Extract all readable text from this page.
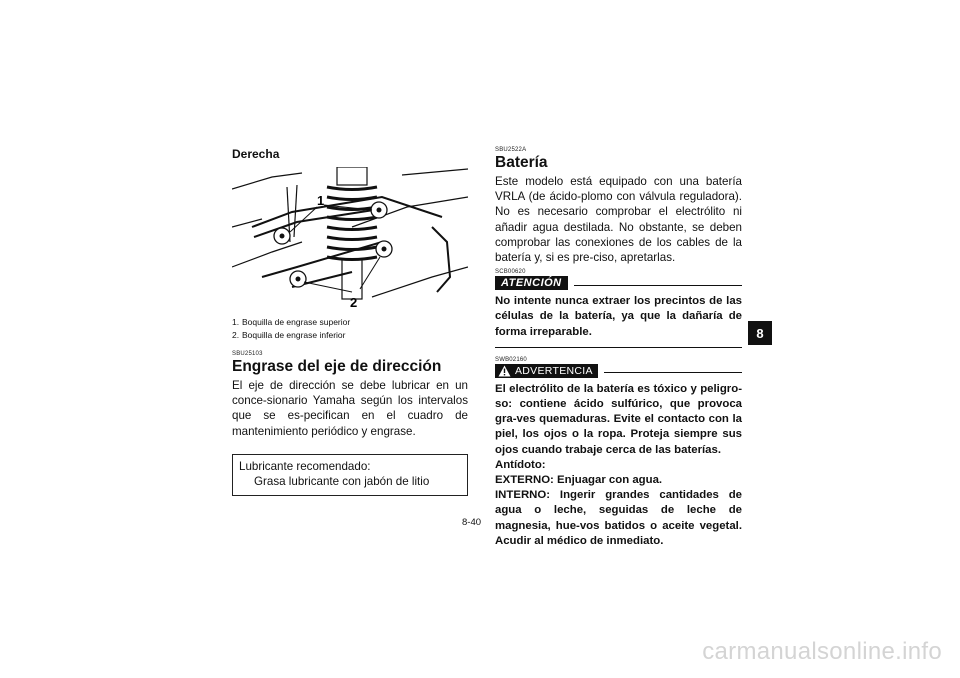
Derecha

1
2
1. Boquilla de engrase superior
2. Boquilla de engrase inferior
SBU25103
Engrase del eje de dirección

El eje de dirección se debe lubricar en un conce-sionario Yamaha según los intervalos que se es-pecifican en el cuadro de mantenimiento periódico y engrase.

Lubricante recomendado:
Grasa lubricante con jabón de litio
SBU2522A
Batería

Este modelo está equipado con una batería VRLA (de ácido-plomo con válvula reguladora). No es necesario comprobar el electrólito ni añadir agua destilada. No obstante, se deben comprobar las conexiones de los cables de la batería y, si es pre-ciso, apretarlas.

SCB00620
ATENCIÓN

No intente nunca extraer los precintos de las células de la batería, ya que la dañaría de forma irreparable.

SWB02160
ADVERTENCIA

El electrólito de la batería es tóxico y peligro-so: contiene ácido sulfúrico, que provoca gra-ves quemaduras. Evite el contacto con la piel, los ojos o la ropa. Proteja siempre sus ojos cuando trabaje cerca de las baterías.

Antídoto:

EXTERNO: Enjuagar con agua.

INTERNO: Ingerir grandes cantidades de agua o leche, seguidas de leche de magnesia, hue-vos batidos o aceite vegetal. Acudir al médico de inmediato.

8
8-40
carmanualsonline.info
